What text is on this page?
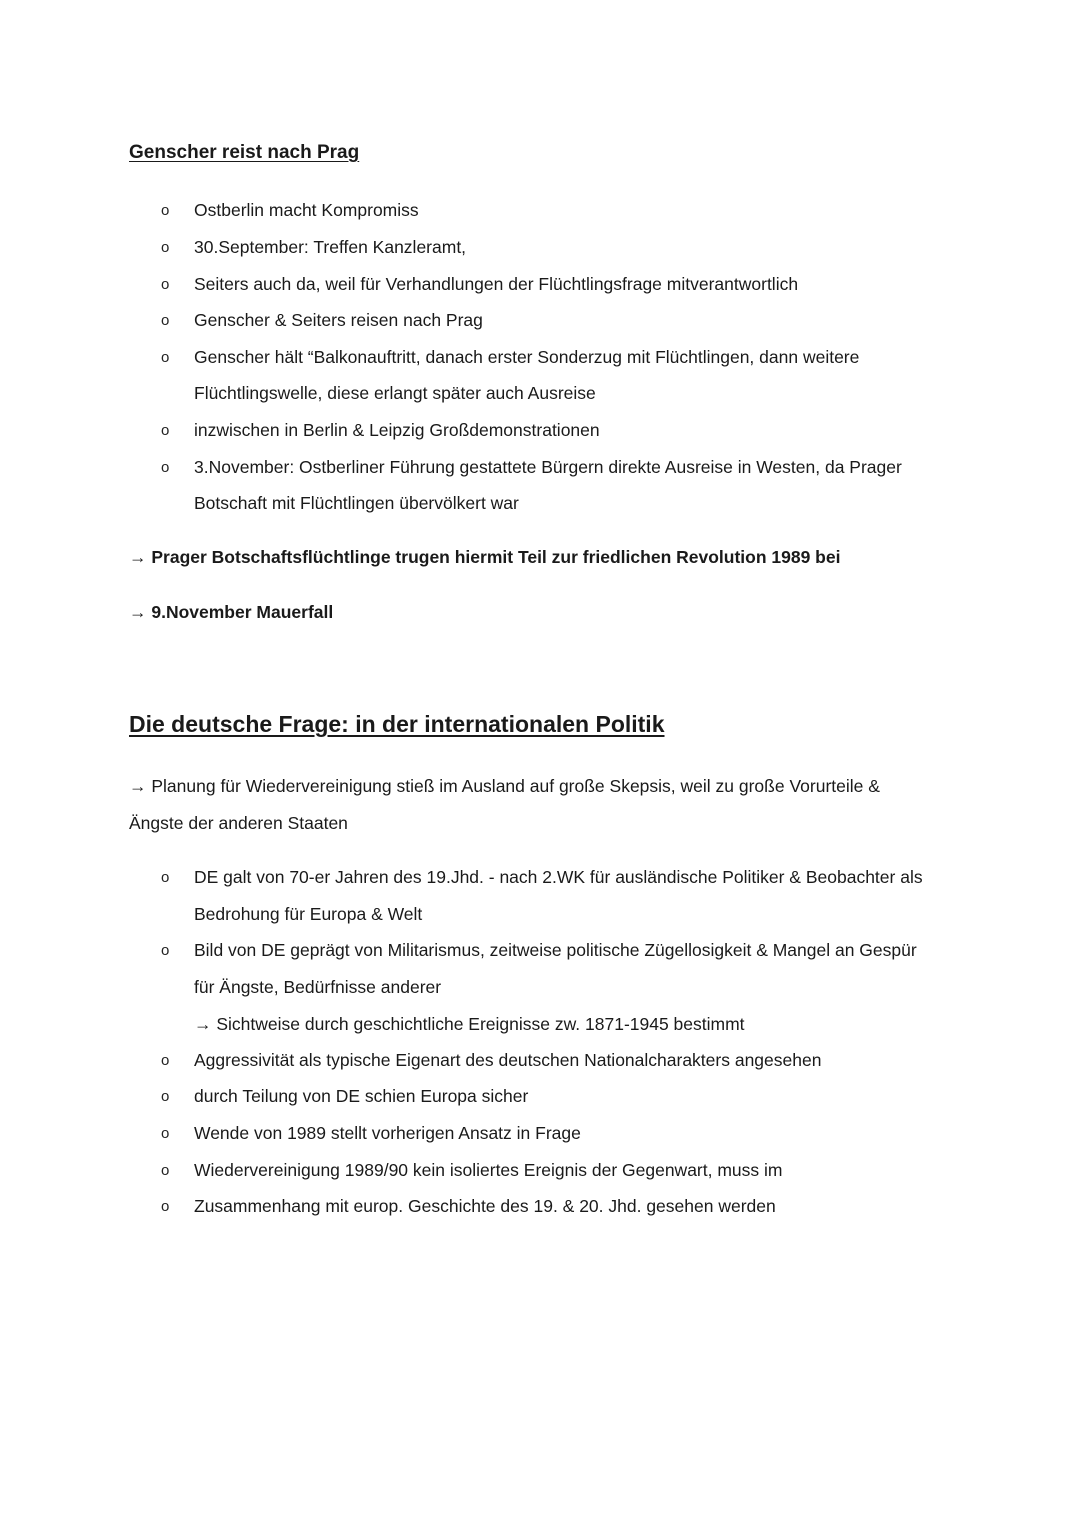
Genscher reist nach Prag
o Ostberlin macht Kompromiss
o 30.September: Treffen Kanzleramt,
o Seiters auch da, weil für Verhandlungen der Flüchtlingsfrage mitverantwortlich
o Genscher & Seiters reisen nach Prag
o Genscher hält “Balkonauftritt, danach erster Sonderzug mit Flüchtlingen, dann weitere
Flüchtlingswelle, diese erlangt später auch Ausreise
o inzwischen in Berlin & Leipzig Großdemonstrationen
o 3.November: Ostberliner Führung gestattete Bürgern direkte Ausreise in Westen, da Prager
Botschaft mit Flüchtlingen übervölkert war
→ Prager Botschaftsflüchtlinge trugen hiermit Teil zur friedlichen Revolution 1989 bei
→ 9.November Mauerfall
Die deutsche Frage: in der internationalen Politik
→ Planung für Wiedervereinigung stieß im Ausland auf große Skepsis, weil zu große Vorurteile &
Ängste der anderen Staaten
o DE galt von 70-er Jahren des 19.Jhd. - nach 2.WK für ausländische Politiker & Beobachter als
Bedrohung für Europa & Welt
o Bild von DE geprägt von Militarismus, zeitweise politische Zügellosigkeit & Mangel an Gespür
für Ängste, Bedürfnisse anderer
→ Sichtweise durch geschichtliche Ereignisse zw. 1871-1945 bestimmt
o Aggressivität als typische Eigenart des deutschen Nationalcharakters angesehen
o durch Teilung von DE schien Europa sicher
o Wende von 1989 stellt vorherigen Ansatz in Frage
o Wiedervereinigung 1989/90 kein isoliertes Ereignis der Gegenwart, muss im
o Zusammenhang mit europ. Geschichte des 19. & 20. Jhd. gesehen werden
